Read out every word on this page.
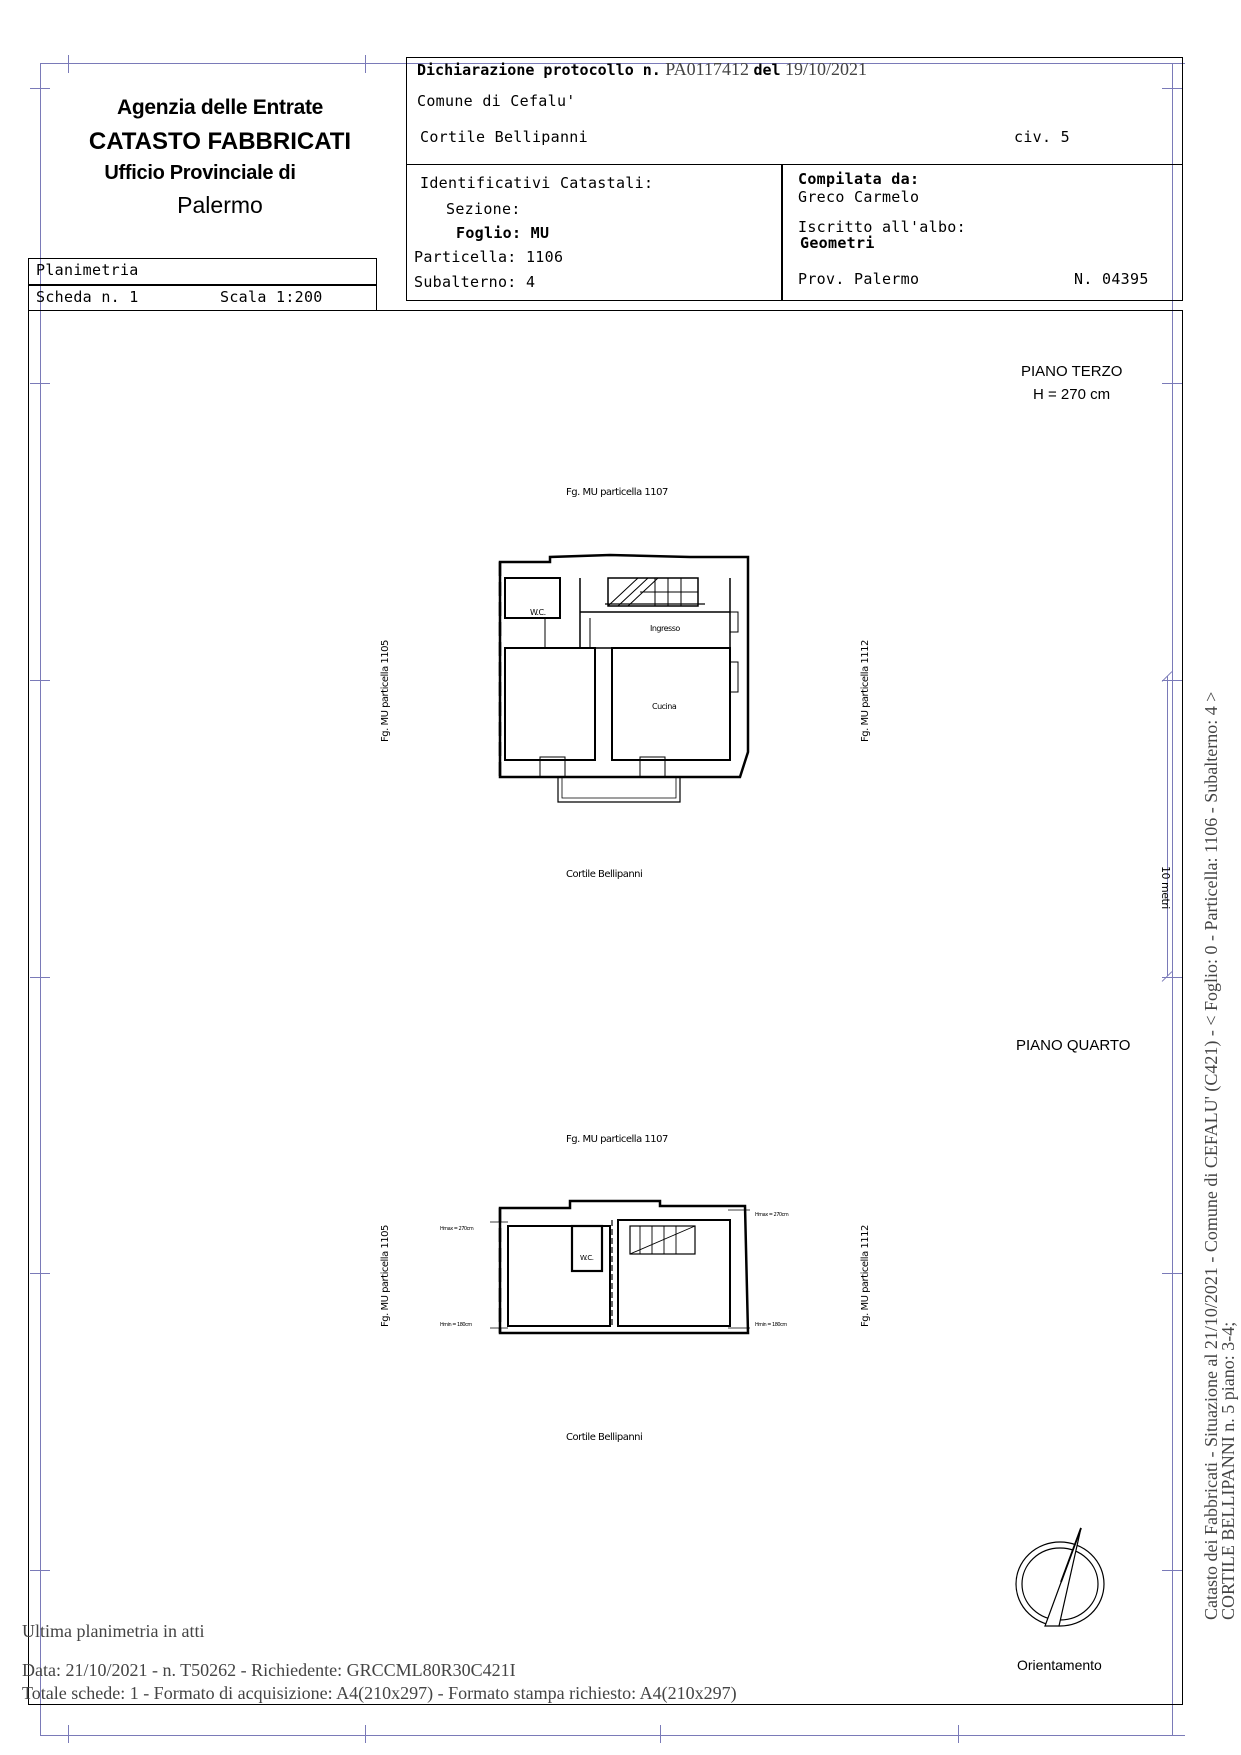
Agenzia delle Entrate
CATASTO FABBRICATI
Ufficio Provinciale di
Palermo
Planimetria
Scheda n. 1	Scala 1:200
Dichiarazione protocollo n. PA0117412 del 19/10/2021
Comune di Cefalu'
Cortile Bellipanni	civ. 5
Identificativi Catastali:
Sezione:
Foglio: MU
Particella: 1106
Subalterno: 4
Compilata da:
Greco Carmelo
Iscritto all'albo:
Geometri
Prov. Palermo	N. 04395
PIANO TERZO
H = 270 cm
Fg. MU particella 1107
Fg. MU particella 1105	Fg. MU particella 1112
Cortile Bellipanni
W.C.
Ingresso
Cucina
PIANO QUARTO
Fg. MU particella 1107
Fg. MU particella 1105	Fg. MU particella 1112
Cortile Bellipanni
W.C.
Hmax = 270cm
Hmax = 270cm
Hmin = 180cm	Hmin = 180cm
10 metri
Orientamento
Ultima planimetria in atti
Data: 21/10/2021 - n. T50262 - Richiedente: GRCCML80R30C421I
Totale schede: 1 - Formato di acquisizione: A4(210x297) - Formato stampa richiesto: A4(210x297)
Catasto dei Fabbricati - Situazione al 21/10/2021 - Comune di CEFALU' (C421) - < Foglio: 0 - Particella: 1106 - Subalterno: 4 >
CORTILE BELLIPANNI n. 5 piano: 3-4;
